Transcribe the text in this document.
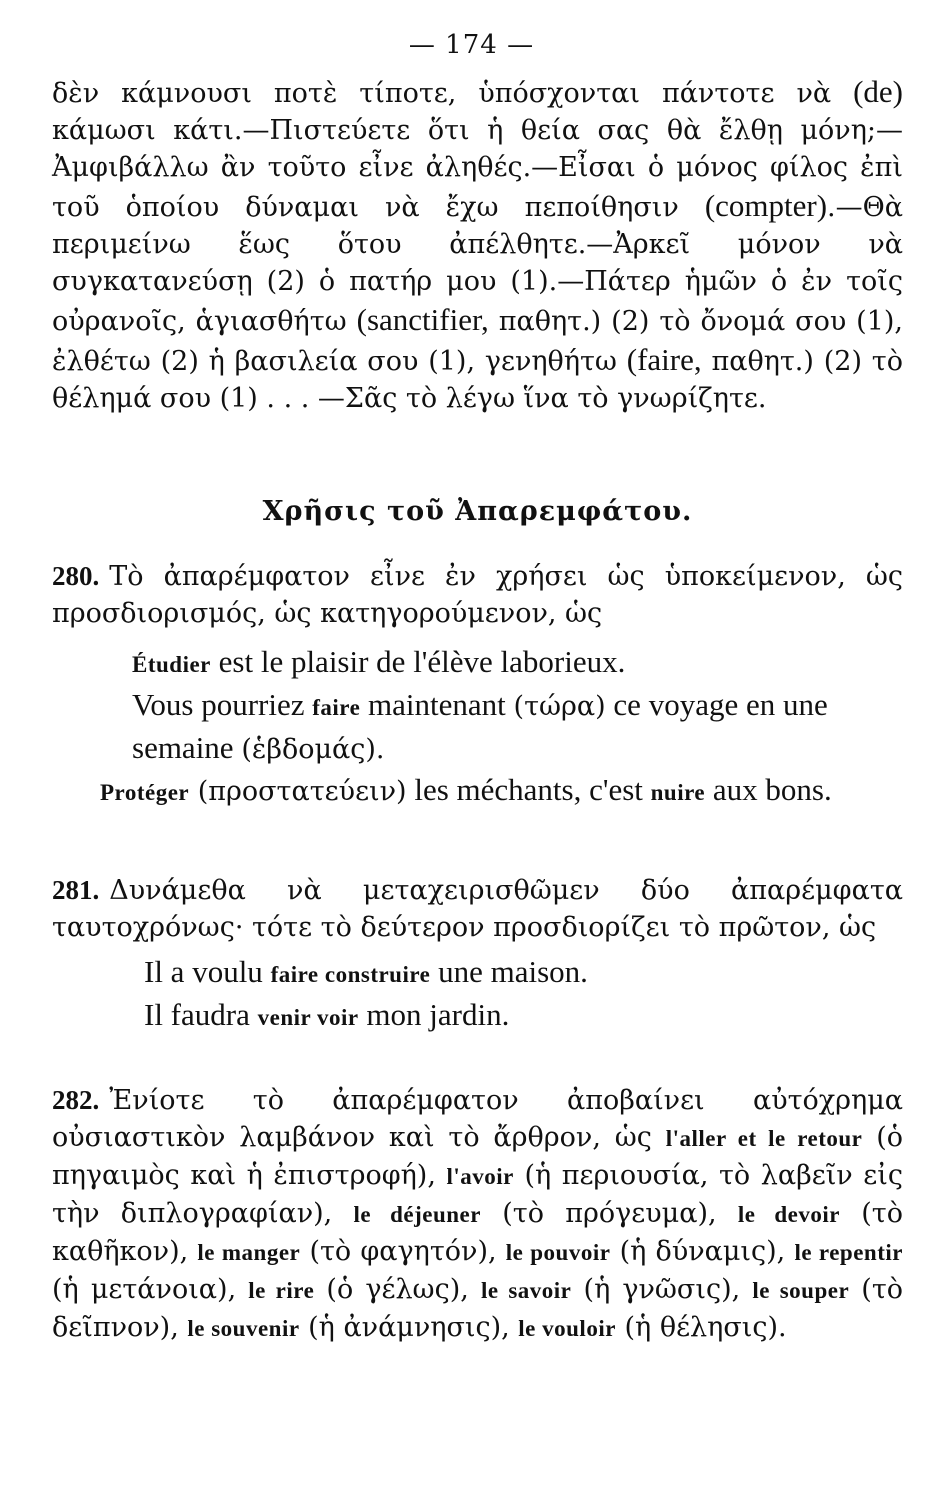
— 174 —

δὲν κάμνουσι ποτὲ τίποτε, ὑπόσχονται πάντοτε νὰ (de) κάμωσι κάτι.—Πιστεύετε ὅτι ἡ θεία σας θὰ ἔλθῃ μόνη;—Ἀμφιβάλλω ἂν τοῦτο εἶνε ἀληθές.—Εἶσαι ὁ μόνος φίλος ἐπὶ τοῦ ὁποίου δύναμαι νὰ ἔχω πεποίθησιν (compter).—Θὰ περιμείνω ἕως ὅτου ἀπέλθητε.—Ἀρκεῖ μόνον νὰ συγκατανεύσῃ (2) ὁ πατήρ μου (1).—Πάτερ ἡμῶν ὁ ἐν τοῖς οὐρανοῖς, ἁγιασθήτω (sanctifier, παθητ.) (2) τὸ ὄνομά σου (1), ἐλθέτω (2) ἡ βασιλεία σου (1), γενηθήτω (faire, παθητ.) (2) τὸ θέλημά σου (1) . . . —Σᾶς τὸ λέγω ἵνα τὸ γνωρίζητε.

Χρῆσις τοῦ Ἀπαρεμφάτου.

280. Τὸ ἀπαρέμφατον εἶνε ἐν χρήσει ὡς ὑποκείμενον, ὡς προσδιορισμός, ὡς κατηγορούμενον, ὡς

Étudier est le plaisir de l'élève laborieux.

Vous pourriez faire maintenant (τώρα) ce voyage en une semaine (ἑβδομάς).

Protéger (προστατεύειν) les méchants, c'est nuire aux bons.

281. Δυνάμεθα νὰ μεταχειρισθῶμεν δύο ἀπαρέμφατα ταυτοχρόνως· τότε τὸ δεύτερον προσδιορίζει τὸ πρῶτον, ὡς

Il a voulu faire construire une maison.

Il faudra venir voir mon jardin.

282. Ἐνίοτε τὸ ἀπαρέμφατον ἀποβαίνει αὐτόχρημα οὐσιαστικὸν λαμβάνον καὶ τὸ ἄρθρον, ὡς l'aller et le retour (ὁ πηγαιμὸς καὶ ἡ ἐπιστροφή), l'avoir (ἡ περιουσία, τὸ λαβεῖν εἰς τὴν διπλογραφίαν), le déjeuner (τὸ πρόγευμα), le devoir (τὸ καθῆκον), le manger (τὸ φαγητόν), le pouvoir (ἡ δύναμις), le repentir (ἡ μετάνοια), le rire (ὁ γέλως), le savoir (ἡ γνῶσις), le souper (τὸ δεῖπνον), le souvenir (ἡ ἀνάμνησις), le vouloir (ἡ θέλησις).
